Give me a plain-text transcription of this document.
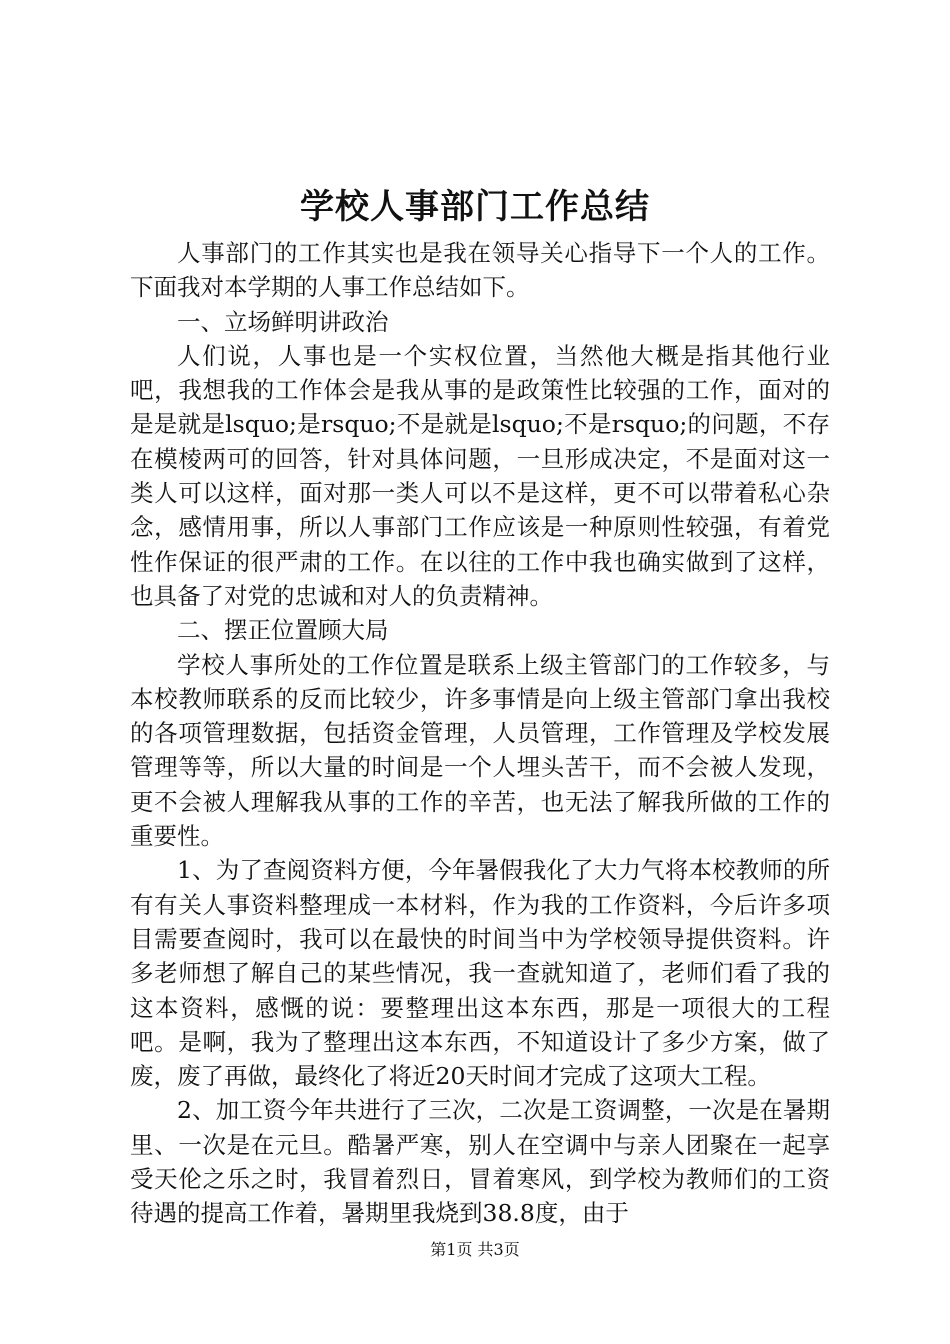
学校人事部门工作总结

人事部门的工作其实也是我在领导关心指导下一个人的工作。下面我对本学期的人事工作总结如下。

一、立场鲜明讲政治

人们说，人事也是一个实权位置，当然他大概是指其他行业吧，我想我的工作体会是我从事的是政策性比较强的工作，面对的是是就是lsquo;是rsquo;不是就是lsquo;不是rsquo;的问题，不存在模棱两可的回答，针对具体问题，一旦形成决定，不是面对这一类人可以这样，面对那一类人可以不是这样，更不可以带着私心杂念，感情用事，所以人事部门工作应该是一种原则性较强，有着党性作保证的很严肃的工作。在以往的工作中我也确实做到了这样，也具备了对党的忠诚和对人的负责精神。

二、摆正位置顾大局

学校人事所处的工作位置是联系上级主管部门的工作较多，与本校教师联系的反而比较少，许多事情是向上级主管部门拿出我校的各项管理数据，包括资金管理，人员管理，工作管理及学校发展管理等等，所以大量的时间是一个人埋头苦干，而不会被人发现，更不会被人理解我从事的工作的辛苦，也无法了解我所做的工作的重要性。

1、为了查阅资料方便，今年暑假我化了大力气将本校教师的所有有关人事资料整理成一本材料，作为我的工作资料，今后许多项目需要查阅时，我可以在最快的时间当中为学校领导提供资料。许多老师想了解自己的某些情况，我一查就知道了，老师们看了我的这本资料，感慨的说：要整理出这本东西，那是一项很大的工程吧。是啊，我为了整理出这本东西，不知道设计了多少方案，做了废，废了再做，最终化了将近20天时间才完成了这项大工程。

2、加工资今年共进行了三次，二次是工资调整，一次是在暑期里、一次是在元旦。酷暑严寒，别人在空调中与亲人团聚在一起享受天伦之乐之时，我冒着烈日，冒着寒风，到学校为教师们的工资待遇的提高工作着，暑期里我烧到38.8度，由于

第1页 共3页
